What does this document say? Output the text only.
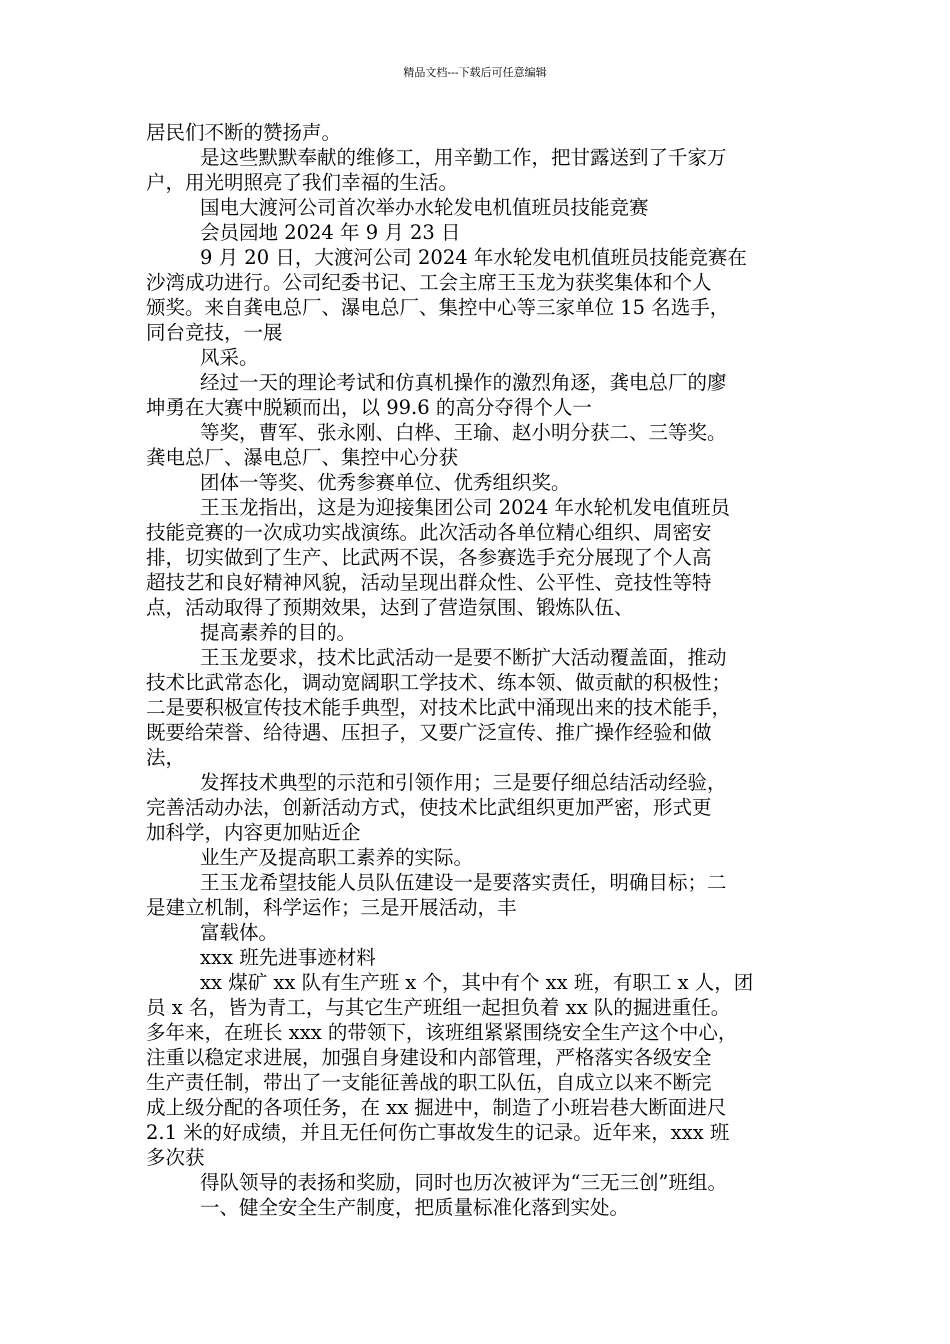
精品文档---下载后可任意编辑
居民们不断的赞扬声。
是这些默默奉献的维修工，用辛勤工作，把甘露送到了千家万
户，用光明照亮了我们幸福的生活。
国电大渡河公司首次举办水轮发电机值班员技能竞赛
会员园地 2024 年 9 月 23 日
9 月 20 日，大渡河公司 2024 年水轮发电机值班员技能竞赛在
沙湾成功进行。公司纪委书记、工会主席王玉龙为获奖集体和个人
颁奖。来自龚电总厂、瀑电总厂、集控中心等三家单位 15 名选手，
同台竞技，一展
风采。
经过一天的理论考试和仿真机操作的激烈角逐，龚电总厂的廖
坤勇在大赛中脱颖而出，以 99.6 的高分夺得个人一
等奖，曹军、张永刚、白桦、王瑜、赵小明分获二、三等奖。
龚电总厂、瀑电总厂、集控中心分获
团体一等奖、优秀参赛单位、优秀组织奖。
王玉龙指出，这是为迎接集团公司 2024 年水轮机发电值班员
技能竞赛的一次成功实战演练。此次活动各单位精心组织、周密安
排，切实做到了生产、比武两不误，各参赛选手充分展现了个人高
超技艺和良好精神风貌，活动呈现出群众性、公平性、竞技性等特
点，活动取得了预期效果，达到了营造氛围、锻炼队伍、
提高素养的目的。
王玉龙要求，技术比武活动一是要不断扩大活动覆盖面，推动
技术比武常态化，调动宽阔职工学技术、练本领、做贡献的积极性；
二是要积极宣传技术能手典型，对技术比武中涌现出来的技术能手，
既要给荣誉、给待遇、压担子，又要广泛宣传、推广操作经验和做
法，
发挥技术典型的示范和引领作用；三是要仔细总结活动经验，
完善活动办法，创新活动方式，使技术比武组织更加严密，形式更
加科学，内容更加贴近企
业生产及提高职工素养的实际。
王玉龙希望技能人员队伍建设一是要落实责任，明确目标；二
是建立机制，科学运作；三是开展活动，丰
富载体。
xxx 班先进事迹材料
xx 煤矿 xx 队有生产班 x 个，其中有个 xx 班，有职工 x 人，团
员 x 名，皆为青工，与其它生产班组一起担负着 xx 队的掘进重任。
多年来，在班长 xxx 的带领下，该班组紧紧围绕安全生产这个中心，
注重以稳定求进展，加强自身建设和内部管理，严格落实各级安全
生产责任制，带出了一支能征善战的职工队伍，自成立以来不断完
成上级分配的各项任务，在 xx 掘进中，制造了小班岩巷大断面进尺
2.1 米的好成绩，并且无任何伤亡事故发生的记录。近年来，xxx 班
多次获
得队领导的表扬和奖励，同时也历次被评为“三无三创”班组。
一、健全安全生产制度，把质量标准化落到实处。
